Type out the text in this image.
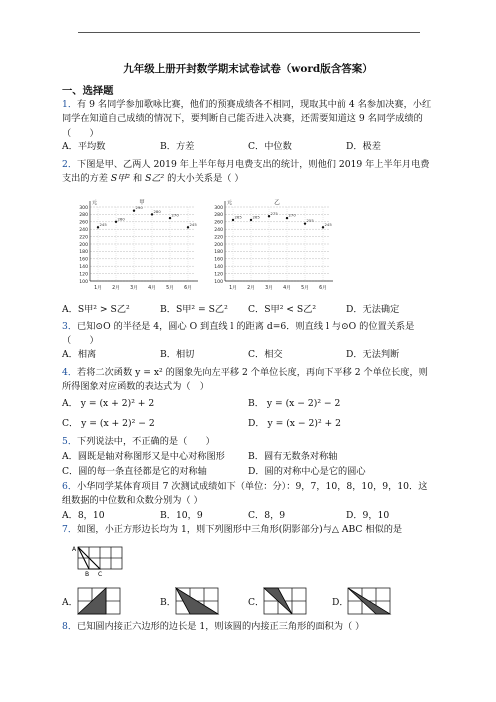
九年级上册开封数学期末试卷试卷（word版含答案）
一、选择题
1．有 9 名同学参加歌咏比赛，他们的预赛成绩各不相同，现取其中前 4 名参加决赛，小红同学在知道自己成绩的情况下，要判断自己能否进入决赛，还需要知道这 9 名同学成绩的（　　）
A．平均数	B．方差	C．中位数	D．极差
2．下图是甲、乙两人 2019 年上半年每月电费支出的统计，则他们 2019 年上半年月电费
支出的方差 S甲² 和 S乙² 的大小关系是（ ）
300
280
260
240
220
200
180
160
140
120
100
元	甲
1月 2月 3月 4月 5月 6月
245
260
290
280
270
245
300
280
260
240
220
200
180
160
140
120
100
元	乙
1月 2月 3月 4月 5月 6月
265	265
275	270
255
245
A．S甲² > S乙²	B．S甲² = S乙² C．S甲² < S乙²	D．无法确定
3．已知⊙O 的半径是 4，圆心 O 到直线 l 的距离 d=6．则直线 l 与⊙O 的位置关系是（　　）
A．相离	B．相切	C．相交	D．无法判断
4．若将二次函数 y = x² 的图象先向左平移 2 个单位长度，再向下平移 2 个单位长度，则所得图象对应函数的表达式为（　）
A． y = (x + 2)² + 2	B． y = (x − 2)² − 2
C． y = (x + 2)² − 2	D． y = (x − 2)² + 2
5．下列说法中，不正确的是（　　）
A．圆既是轴对称图形又是中心对称图形	B．圆有无数条对称轴
C．圆的每一条直径都是它的对称轴	D．圆的对称中心是它的圆心
6．小华同学某体育项目 7 次测试成绩如下（单位：分）：9，7，10，8，10，9，10．这组数据的中位数和众数分别为（ ）
A．8，10	B．10，9	C．8，9	D．9，10
7．如图，小正方形边长均为 1，则下列图形中三角形(阴影部分)与△ ABC 相似的是
A
B C
A．	B．	C．	D．
8．已知圆内接正六边形的边长是 1，则该圆的内接正三角形的面积为（ ）
